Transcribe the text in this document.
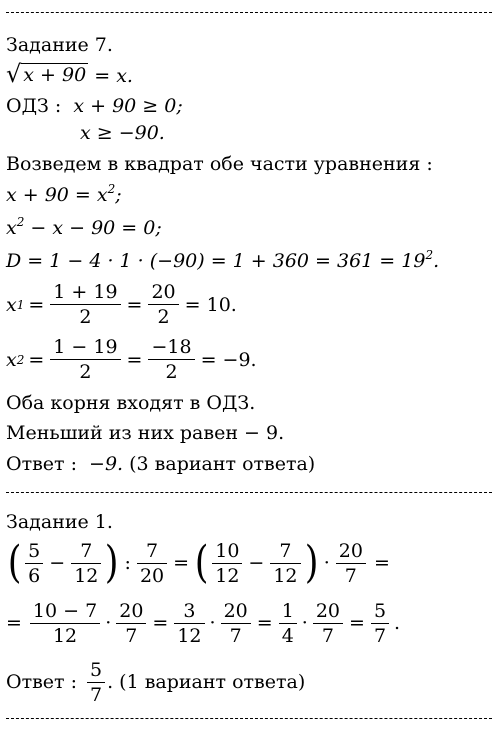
Задание 7.
√ x + 90 = x.
ОДЗ : x + 90 ≥ 0;
x ≥ −90.
Возведем в квадрат обе части уравнения :
$x + 90 = x^2$;
$x^2 - x - 90 = 0$;
$D = 1 - 4 \cdot 1 \cdot (-90) = 1 + 360 = 361 = 19^2$.
x $1 = \frac{1 + 19}{2} = \frac{20}{2} = 10$.
x $2 = \frac{1 - 19}{2} = \frac{-18}{2} = -9$.
Оба корня входят в ОДЗ.
Меньший из них равен − 9.
Ответ : −9. (3 вариант ответа)
Задание 1.
( $\frac{5}{6} - \frac{7}{12}$ ) : $\frac{7}{20}$ = ( $\frac{10}{12} - \frac{7}{12}$ ) · $\frac{20}{7}$ =
= $\frac{10 - 7}{12} \cdot \frac{20}{7} = \frac{3}{12} \cdot \frac{20}{7} = \frac{1}{4} \cdot \frac{20}{7} = \frac{5}{7}$ .
Ответ : $\frac{5}{7}$ . (1 вариант ответа)
